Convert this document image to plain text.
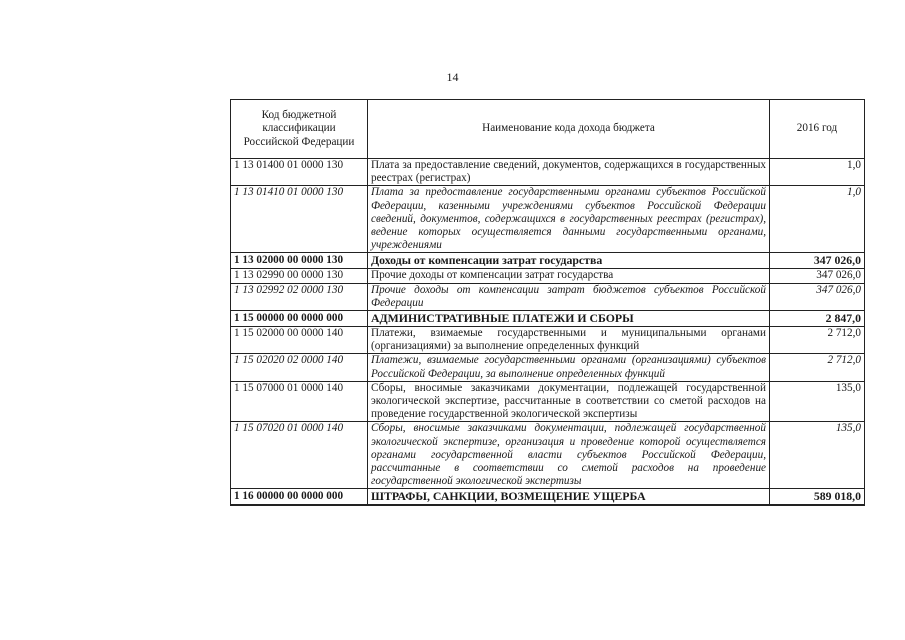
14
Код бюджетной классификации Российской Федерации	Наименование кода дохода бюджета	2016 год
1 13 01400 01 0000 130	Плата за предоставление сведений, документов, содержащихся в государственных реестрах (регистрах)	1,0
1 13 01410 01 0000 130	Плата за предоставление государственными органами субъектов Российской Федерации, казенными учреждениями субъектов Российской Федерации сведений, документов, содержащихся в государственных реестрах (регистрах), ведение которых осуществляется данными государственными органами, учреждениями	1,0
1 13 02000 00 0000 130	Доходы от компенсации затрат государства	347 026,0
1 13 02990 00 0000 130	Прочие доходы от компенсации затрат государства	347 026,0
1 13 02992 02 0000 130	Прочие доходы от компенсации затрат бюджетов субъектов Российской Федерации	347 026,0
1 15 00000 00 0000 000	АДМИНИСТРАТИВНЫЕ ПЛАТЕЖИ И СБОРЫ	2 847,0
1 15 02000 00 0000 140	Платежи, взимаемые государственными и муниципальными органами (организациями) за выполнение определенных функций	2 712,0
1 15 02020 02 0000 140	Платежи, взимаемые государственными органами (организациями) субъектов Российской Федерации, за выполнение определенных функций	2 712,0
1 15 07000 01 0000 140	Сборы, вносимые заказчиками документации, подлежащей государственной экологической экспертизе, рассчитанные в соответствии со сметой расходов на проведение государственной экологической экспертизы	135,0
1 15 07020 01 0000 140	Сборы, вносимые заказчиками документации, подлежащей государственной экологической экспертизе, организация и проведение которой осуществляется органами государственной власти субъектов Российской Федерации, рассчитанные в соответствии со сметой расходов на проведение государственной экологической экспертизы	135,0
1 16 00000 00 0000 000	ШТРАФЫ, САНКЦИИ, ВОЗМЕЩЕНИЕ УЩЕРБА	589 018,0
